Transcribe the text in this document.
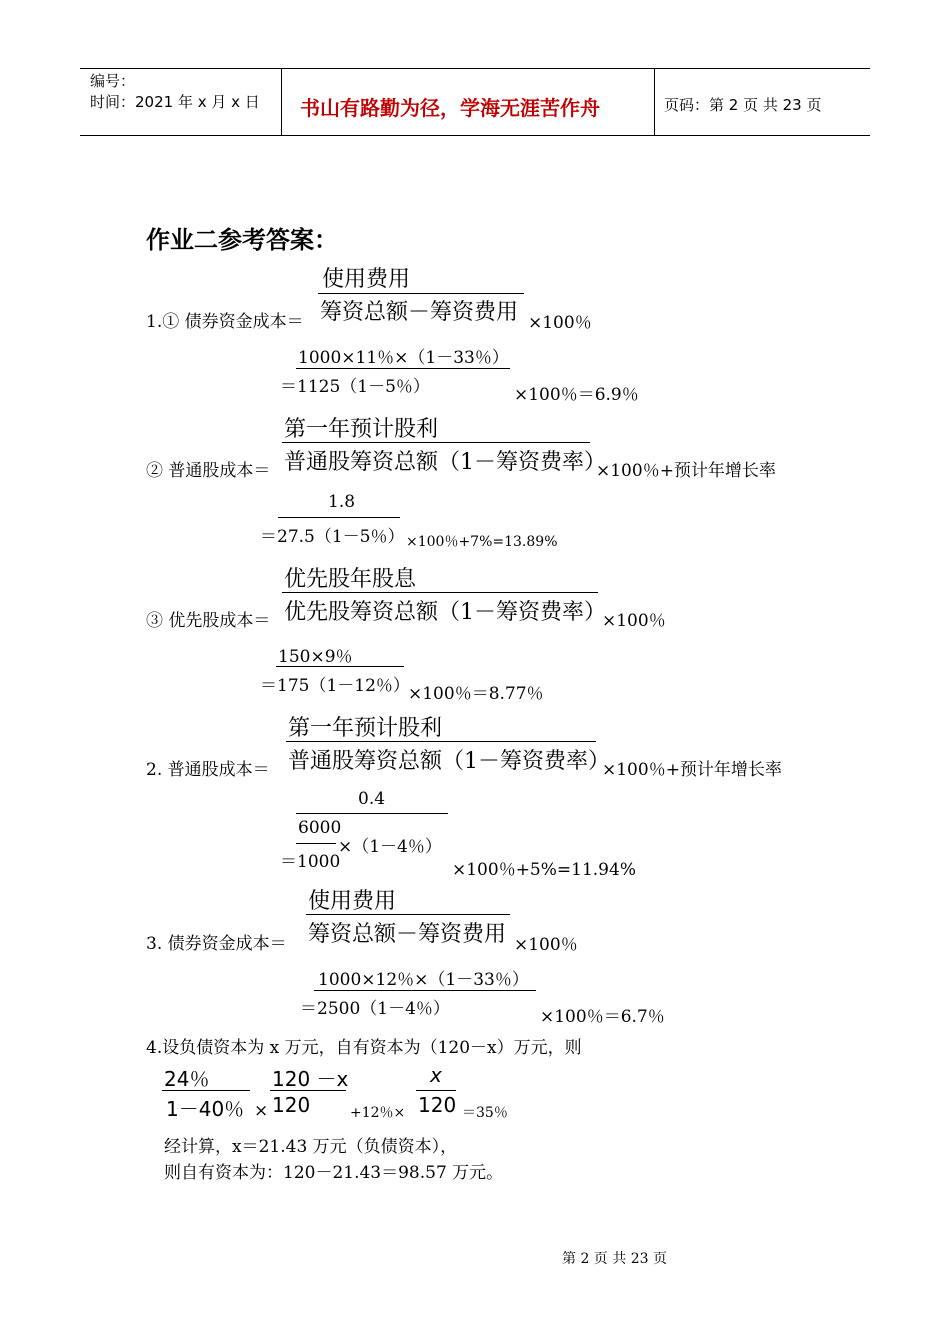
编号：
时间：2021 年 x 月 x 日 书山有路勤为径，学海无涯苦作舟	页码：第 2 页 共 23 页
作业二参考答案：
使用费用
筹资总额－筹资费用
1.① 债券资金成本＝	×100％
1000×11％×（1－33％）
＝1125（1－5％）	×100％＝6.9％
第一年预计股利
普通股筹资总额（1－筹资费率）
② 普通股成本＝	×100％+预计年增长率
1.8
＝27.5（1－5％） ×100％+7%=13.89%
优先股年股息
优先股筹资总额（1－筹资费率）
③ 优先股成本＝	×100％
150×9％
＝175（1－12％）
×100％＝8.77％
第一年预计股利
普通股筹资总额（1－筹资费率）
2. 普通股成本＝	×100％+预计年增长率
0.4
6000
＝1000
×（1－4％）
×100％+5%=11.94%
使用费用
筹资总额－筹资费用
3. 债券资金成本＝	×100％
1000×12％×（1－33％）
＝2500（1－4％）	×100％＝6.7％
4.设负债资本为 x 万元，自有资本为（120－x）万元，则
24％
1－40％ ×
120 －x
120	+12％×
x
120 ＝35％
经计算，x＝21.43 万元（负债资本），
则自有资本为：120－21.43＝98.57 万元。
第 2 页 共 23 页
